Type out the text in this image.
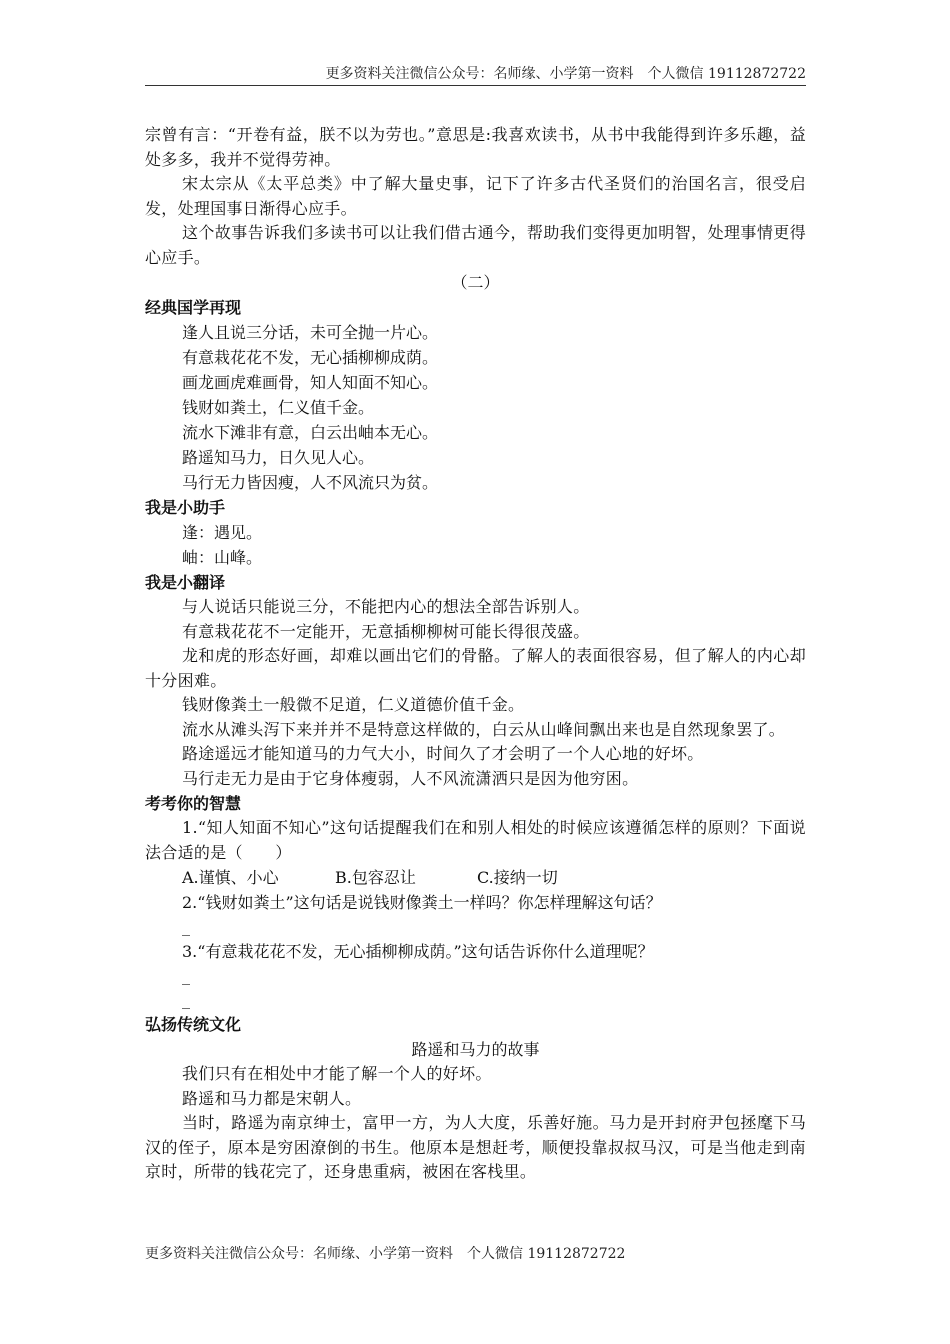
更多资料关注微信公众号：名师缘、小学第一资料　个人微信 19112872722

宗曾有言：“开卷有益，朕不以为劳也。”意思是:我喜欢读书，从书中我能得到许多乐趣，益处多多，我并不觉得劳神。

宋太宗从《太平总类》中了解大量史事，记下了许多古代圣贤们的治国名言，很受启发，处理国事日渐得心应手。

这个故事告诉我们多读书可以让我们借古通今，帮助我们变得更加明智，处理事情更得心应手。

（二）

经典国学再现

逢人且说三分话，未可全抛一片心。

有意栽花花不发，无心插柳柳成荫。

画龙画虎难画骨，知人知面不知心。

钱财如粪土，仁义值千金。

流水下滩非有意，白云出岫本无心。

路遥知马力，日久见人心。

马行无力皆因瘦，人不风流只为贫。

我是小助手

逢：遇见。

岫：山峰。

我是小翻译

与人说话只能说三分，不能把内心的想法全部告诉别人。

有意栽花花不一定能开，无意插柳柳树可能长得很茂盛。

龙和虎的形态好画，却难以画出它们的骨骼。了解人的表面很容易，但了解人的内心却十分困难。

钱财像粪土一般微不足道，仁义道德价值千金。

流水从滩头泻下来并并不是特意这样做的，白云从山峰间飘出来也是自然现象罢了。

路途遥远才能知道马的力气大小，时间久了才会明了一个人心地的好坏。

马行走无力是由于它身体瘦弱，人不风流潇洒只是因为他穷困。

考考你的智慧

1.“知人知面不知心”这句话提醒我们在和别人相处的时候应该遵循怎样的原则？下面说法合适的是（　　）

A.谨慎、小心	B.包容忍让	C.接纳一切

2.“钱财如粪土”这句话是说钱财像粪土一样吗？你怎样理解这句话？

_

3.“有意栽花花不发，无心插柳柳成荫。”这句话告诉你什么道理呢？

_

_

弘扬传统文化

路遥和马力的故事

我们只有在相处中才能了解一个人的好坏。

路遥和马力都是宋朝人。

当时，路遥为南京绅士，富甲一方，为人大度，乐善好施。马力是开封府尹包拯麾下马汉的侄子，原本是穷困潦倒的书生。他原本是想赶考，顺便投靠叔叔马汉，可是当他走到南京时，所带的钱花完了，还身患重病，被困在客栈里。

更多资料关注微信公众号：名师缘、小学第一资料　个人微信 19112872722
